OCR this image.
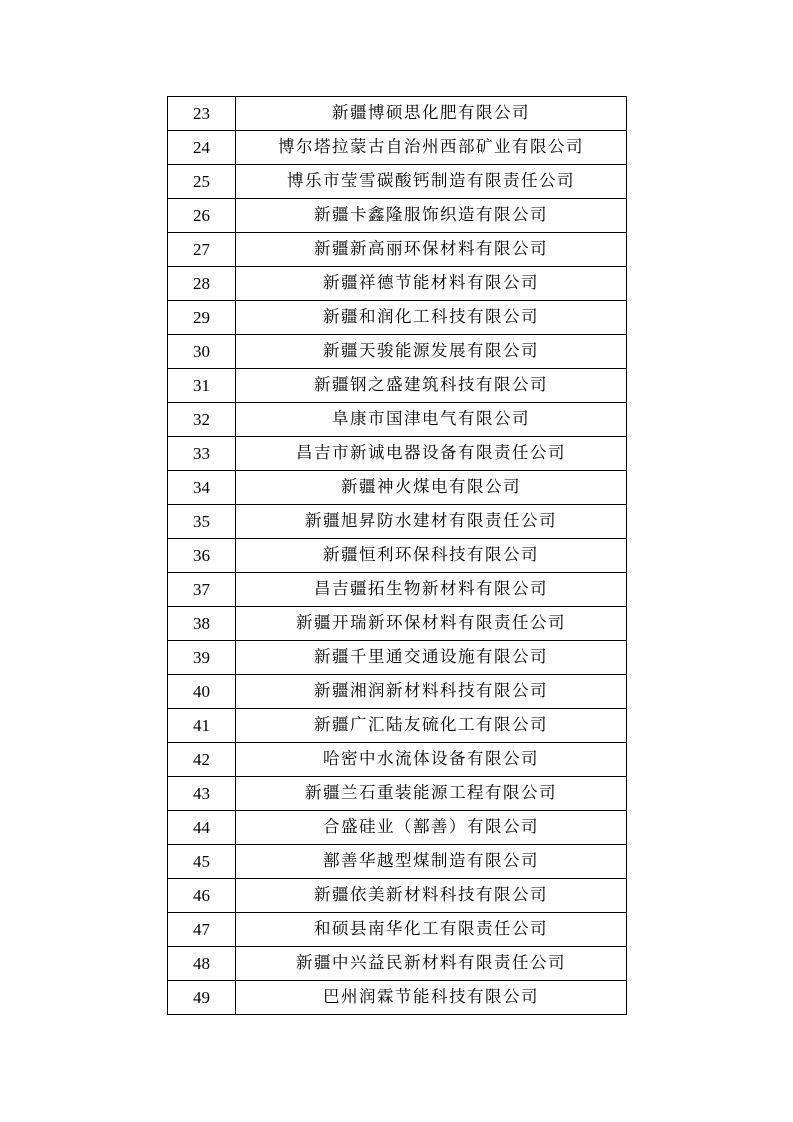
23	新疆博硕思化肥有限公司
24	博尔塔拉蒙古自治州西部矿业有限公司
25	博乐市莹雪碳酸钙制造有限责任公司
26	新疆卡鑫隆服饰织造有限公司
27	新疆新高丽环保材料有限公司
28	新疆祥德节能材料有限公司
29	新疆和润化工科技有限公司
30	新疆天骏能源发展有限公司
31	新疆钢之盛建筑科技有限公司
32	阜康市国津电气有限公司
33	昌吉市新诚电器设备有限责任公司
34	新疆神火煤电有限公司
35	新疆旭昇防水建材有限责任公司
36	新疆恒利环保科技有限公司
37	昌吉疆拓生物新材料有限公司
38	新疆开瑞新环保材料有限责任公司
39	新疆千里通交通设施有限公司
40	新疆湘润新材料科技有限公司
41	新疆广汇陆友硫化工有限公司
42	哈密中水流体设备有限公司
43	新疆兰石重装能源工程有限公司
44	合盛硅业（鄯善）有限公司
45	鄯善华越型煤制造有限公司
46	新疆依美新材料科技有限公司
47	和硕县南华化工有限责任公司
48	新疆中兴益民新材料有限责任公司
49	巴州润霖节能科技有限公司
